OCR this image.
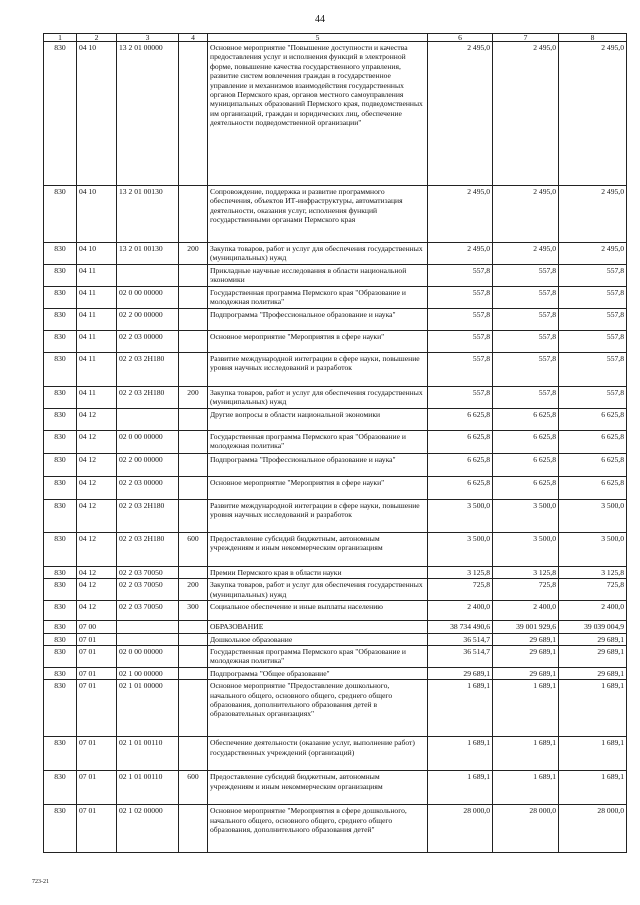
44
1	2	3	4	5	6	7	8
830	04 10	13 2 01 00000		Основное мероприятие "Повышение доступности и качества предоставления услуг и исполнения функций в электронной форме, повышение качества государственного управления, развитие систем вовлечения граждан в государственное управление и механизмов взаимодействия государственных органов Пермского края, органов местного самоуправления муниципальных образований Пермского края, подведомственных им организаций, граждан и юридических лиц, обеспечение деятельности подведомственной организации"	2 495,0	2 495,0	2 495,0
830	04 10	13 2 01 00130		Сопровождение, поддержка и развитие программного обеспечения, объектов ИТ-инфраструктуры, автоматизация деятельности, оказания услуг, исполнения функций государственными органами Пермского края	2 495,0	2 495,0	2 495,0
830	04 10	13 2 01 00130	200	Закупка товаров, работ и услуг для обеспечения государственных (муниципальных) нужд	2 495,0	2 495,0	2 495,0
830	04 11			Прикладные научные исследования в области национальной экономики	557,8	557,8	557,8
830	04 11	02 0 00 00000		Государственная программа Пермского края "Образование и молодежная политика"	557,8	557,8	557,8
830	04 11	02 2 00 00000		Подпрограмма "Профессиональное образование и наука"	557,8	557,8	557,8
830	04 11	02 2 03 00000		Основное мероприятие "Мероприятия в сфере науки"	557,8	557,8	557,8
830	04 11	02 2 03 2Н180		Развитие международной интеграции в сфере науки, повышение уровня научных исследований и разработок	557,8	557,8	557,8
830	04 11	02 2 03 2Н180	200	Закупка товаров, работ и услуг для обеспечения государственных (муниципальных) нужд	557,8	557,8	557,8
830	04 12			Другие вопросы в области национальной экономики	6 625,8	6 625,8	6 625,8
830	04 12	02 0 00 00000		Государственная программа Пермского края "Образование и молодежная политика"	6 625,8	6 625,8	6 625,8
830	04 12	02 2 00 00000		Подпрограмма "Профессиональное образование и наука"	6 625,8	6 625,8	6 625,8
830	04 12	02 2 03 00000		Основное мероприятие "Мероприятия в сфере науки"	6 625,8	6 625,8	6 625,8
830	04 12	02 2 03 2Н180		Развитие международной интеграции в сфере науки, повышение уровня научных исследований и разработок	3 500,0	3 500,0	3 500,0
830	04 12	02 2 03 2Н180	600	Предоставление субсидий бюджетным, автономным учреждениям и иным некоммерческим организациям	3 500,0	3 500,0	3 500,0
830	04 12	02 2 03 70050		Премии Пермского края в области науки	3 125,8	3 125,8	3 125,8
830	04 12	02 2 03 70050	200	Закупка товаров, работ и услуг для обеспечения государственных (муниципальных) нужд	725,8	725,8	725,8
830	04 12	02 2 03 70050	300	Социальное обеспечение и иные выплаты населению	2 400,0	2 400,0	2 400,0
830	07 00			ОБРАЗОВАНИЕ	38 734 490,6	39 001 929,6	39 039 004,9
830	07 01			Дошкольное образование	36 514,7	29 689,1	29 689,1
830	07 01	02 0 00 00000		Государственная программа Пермского края "Образование и молодежная политика"	36 514,7	29 689,1	29 689,1
830	07 01	02 1 00 00000		Подпрограмма "Общее образование"	29 689,1	29 689,1	29 689,1
830	07 01	02 1 01 00000		Основное мероприятие "Предоставление дошкольного, начального общего, основного общего, среднего общего образования, дополнительного образования детей в образовательных организациях"	1 689,1	1 689,1	1 689,1
830	07 01	02 1 01 00110		Обеспечение деятельности (оказание услуг, выполнение работ) государственных учреждений (организаций)	1 689,1	1 689,1	1 689,1
830	07 01	02 1 01 00110	600	Предоставление субсидий бюджетным, автономным учреждениям и иным некоммерческим организациям	1 689,1	1 689,1	1 689,1
830	07 01	02 1 02 00000		Основное мероприятие "Мероприятия в сфере дошкольного, начального общего, основного общего, среднего общего образования, дополнительного образования детей"	28 000,0	28 000,0	28 000,0
723-21
